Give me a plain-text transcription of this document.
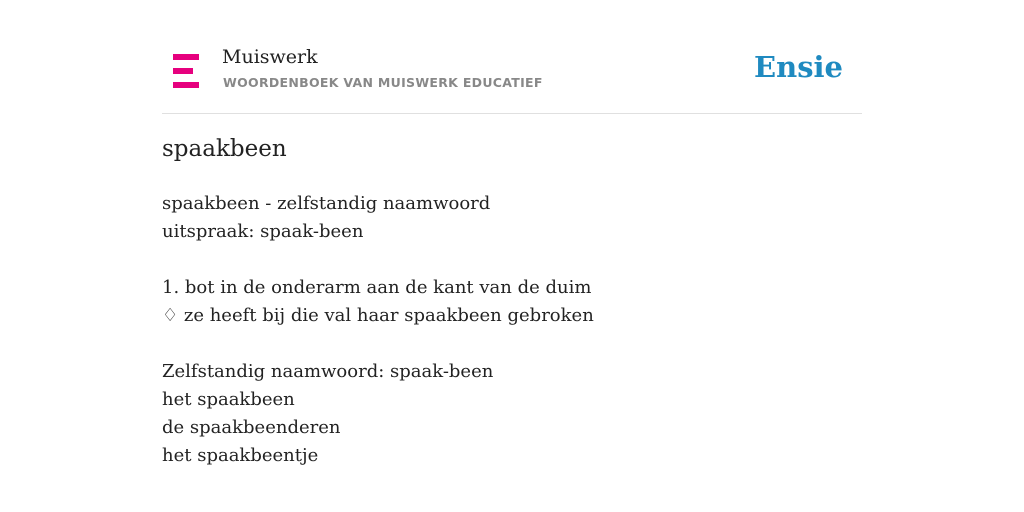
Muiswerk
WOORDENBOEK VAN MUISWERK EDUCATIEF	Ensie
spaakbeen
spaakbeen - zelfstandig naamwoord
uitspraak: spaak-been
1. bot in de onderarm aan de kant van de duim
♢ ze heeft bij die val haar spaakbeen gebroken
Zelfstandig naamwoord: spaak-been
het spaakbeen
de spaakbeenderen
het spaakbeentje
